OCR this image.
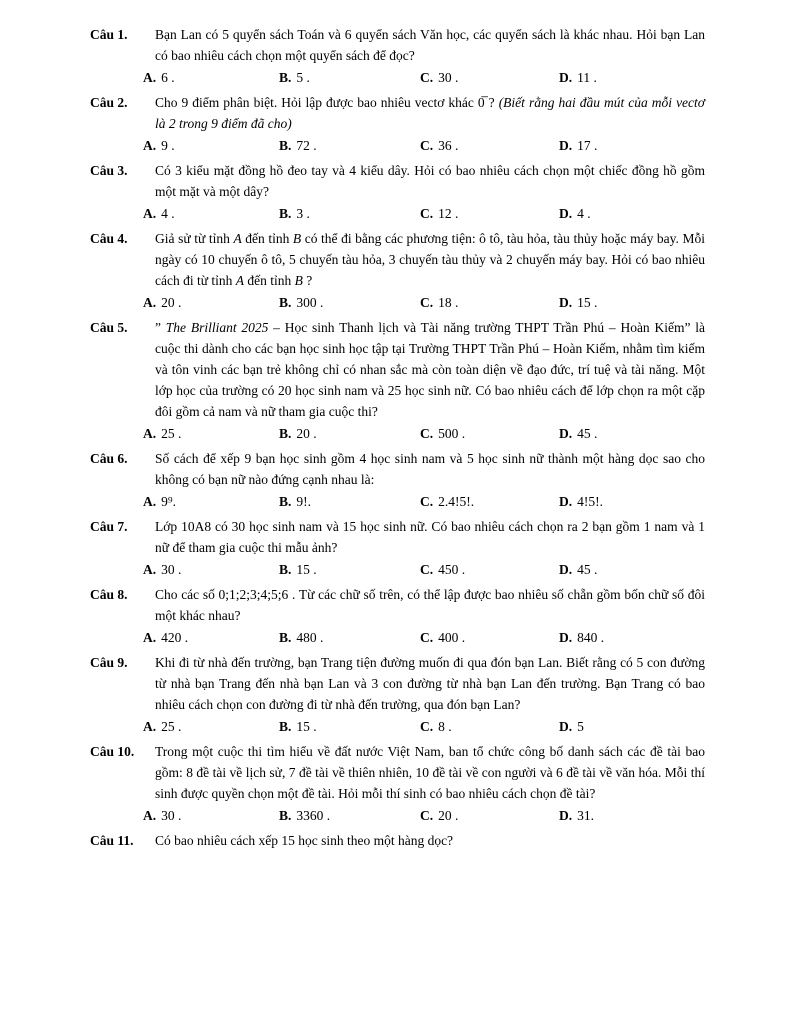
Câu 1.	Bạn Lan có 5 quyển sách Toán và 6 quyển sách Văn học, các quyển sách là khác nhau. Hỏi bạn Lan có bao nhiêu cách chọn một quyển sách để đọc?
A. 6 .	B. 5 .	C. 30 .	D. 11 .
Câu 2.	Cho 9 điểm phân biệt. Hỏi lập được bao nhiêu vectơ khác 0̅ ? (Biết rằng hai đầu mút của mỗi vectơ là 2 trong 9 điểm đã cho)
A. 9 .	B. 72 .	C. 36 .	D. 17 .
Câu 3.	Có 3 kiểu mặt đồng hồ đeo tay và 4 kiểu dây. Hỏi có bao nhiêu cách chọn một chiếc đồng hồ gồm một mặt và một dây?
A. 4 .	B. 3 .	C. 12 .	D. 4 .
Câu 4.	Giả sử từ tỉnh A đến tỉnh B có thể đi bằng các phương tiện: ô tô, tàu hỏa, tàu thủy hoặc máy bay. Mỗi ngày có 10 chuyến ô tô, 5 chuyến tàu hỏa, 3 chuyến tàu thủy và 2 chuyến máy bay. Hỏi có bao nhiêu cách đi từ tỉnh A đến tỉnh B ?
A. 20 .	B. 300 .	C. 18 .	D. 15 .
Câu 5.	” The Brilliant 2025 – Học sinh Thanh lịch và Tài năng trường THPT Trần Phú – Hoàn Kiếm” là cuộc thi dành cho các bạn học sinh học tập tại Trường THPT Trần Phú – Hoàn Kiếm, nhằm tìm kiếm và tôn vinh các bạn trẻ không chỉ có nhan sắc mà còn toàn diện về đạo đức, trí tuệ và tài năng. Một lớp học của trường có 20 học sinh nam và 25 học sinh nữ. Có bao nhiêu cách để lớp chọn ra một cặp đôi gồm cả nam và nữ tham gia cuộc thi?
A. 25 .	B. 20 .	C. 500 .	D. 45 .
Câu 6.	Số cách để xếp 9 bạn học sinh gồm 4 học sinh nam và 5 học sinh nữ thành một hàng dọc sao cho không có bạn nữ nào đứng cạnh nhau là:
A. 9⁹.	B. 9!.	C. 2.4!5!.	D. 4!5!.
Câu 7.	Lớp 10A8 có 30 học sinh nam và 15 học sinh nữ. Có bao nhiêu cách chọn ra 2 bạn gồm 1 nam và 1 nữ để tham gia cuộc thi mẫu ảnh?
A. 30 .	B. 15 .	C. 450 .	D. 45 .
Câu 8.	Cho các số 0;1;2;3;4;5;6 . Từ các chữ số trên, có thể lập được bao nhiêu số chẵn gồm bốn chữ số đôi một khác nhau?
A. 420 .	B. 480 .	C. 400 .	D. 840 .
Câu 9.	Khi đi từ nhà đến trường, bạn Trang tiện đường muốn đi qua đón bạn Lan. Biết rằng có 5 con đường từ nhà bạn Trang đến nhà bạn Lan và 3 con đường từ nhà bạn Lan đến trường. Bạn Trang có bao nhiêu cách chọn con đường đi từ nhà đến trường, qua đón bạn Lan?
A. 25 .	B. 15 .	C. 8 .	D. 5
Câu 10.	Trong một cuộc thi tìm hiểu về đất nước Việt Nam, ban tổ chức công bố danh sách các đề tài bao gồm: 8 đề tài về lịch sử, 7 đề tài về thiên nhiên, 10 đề tài về con người và 6 đề tài về văn hóa. Mỗi thí sinh được quyền chọn một đề tài. Hỏi mỗi thí sinh có bao nhiêu cách chọn đề tài?
A. 30 .	B. 3360 .	C. 20 .	D. 31.
Câu 11.	Có bao nhiêu cách xếp 15 học sinh theo một hàng dọc?
